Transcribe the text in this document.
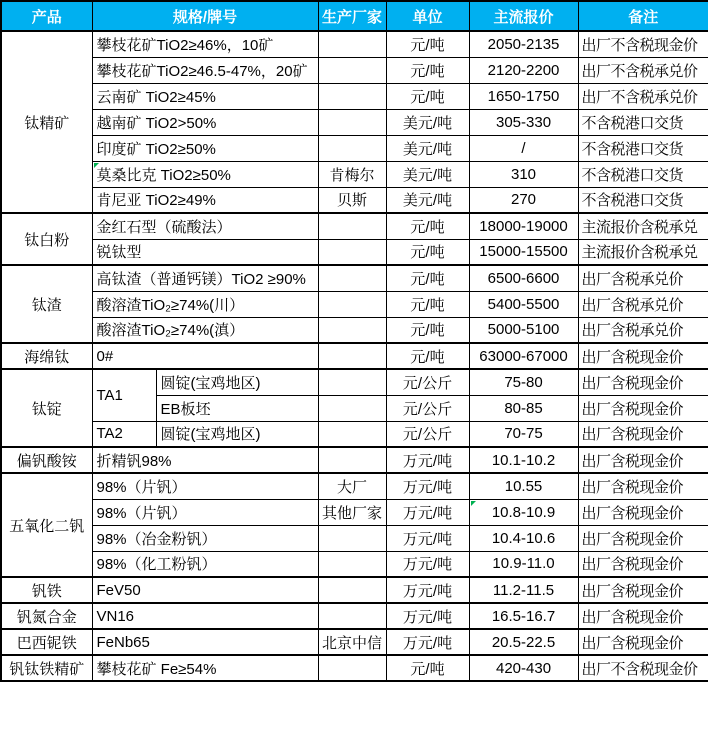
产品	规格/牌号		生产厂家	单位	主流报价	备注
钛精矿	攀枝花矿TiO2≥46%，10矿			元/吨	2050-2135	出厂不含税现金价
	攀枝花矿TiO2≥46.5-47%，20矿			元/吨	2120-2200	出厂不含税承兑价
	云南矿 TiO2≥45%			元/吨	1650-1750	出厂不含税承兑价
	越南矿 TiO2>50%			美元/吨	305-330	不含税港口交货
	印度矿 TiO2≥50%			美元/吨	/	不含税港口交货
	莫桑比克 TiO2≥50%		肯梅尔	美元/吨	310	不含税港口交货
	肯尼亚 TiO2≥49%		贝斯	美元/吨	270	不含税港口交货
钛白粉	金红石型（硫酸法）			元/吨	18000-19000	主流报价含税承兑
	锐钛型			元/吨	15000-15500	主流报价含税承兑
钛渣	高钛渣（普通钙镁）TiO2 ≥90%			元/吨	6500-6600	出厂含税承兑价
	酸溶渣TiO₂≥74%(川）			元/吨	5400-5500	出厂含税承兑价
	酸溶渣TiO₂≥74%(滇）			元/吨	5000-5100	出厂含税承兑价
海绵钛	0#			元/吨	63000-67000	出厂含税现金价
钛锭	TA1	圆锭(宝鸡地区)		元/公斤	75-80	出厂含税现金价
		EB板坯		元/公斤	80-85	出厂含税现金价
	TA2	圆锭(宝鸡地区)		元/公斤	70-75	出厂含税现金价
偏钒酸铵	折精钒98%			万元/吨	10.1-10.2	出厂含税现金价
五氧化二钒	98%（片钒）		大厂	万元/吨	10.55	出厂含税现金价
	98%（片钒）		其他厂家	万元/吨	10.8-10.9	出厂含税现金价
	98%（冶金粉钒）			万元/吨	10.4-10.6	出厂含税现金价
	98%（化工粉钒）			万元/吨	10.9-11.0	出厂含税现金价
钒铁	FeV50			万元/吨	11.2-11.5	出厂含税现金价
钒氮合金	VN16			万元/吨	16.5-16.7	出厂含税现金价
巴西铌铁	FeNb65		北京中信	万元/吨	20.5-22.5	出厂含税现金价
钒钛铁精矿	攀枝花矿 Fe≥54%			元/吨	420-430	出厂不含税现金价
